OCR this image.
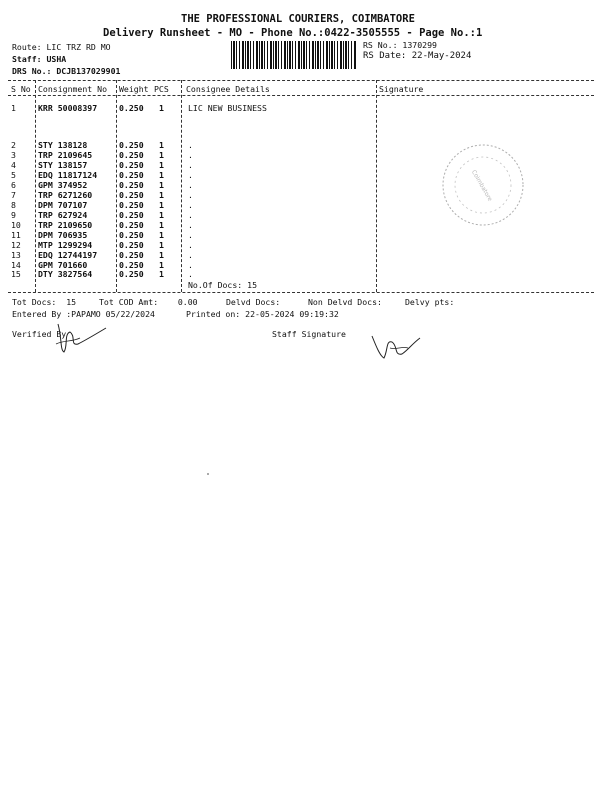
THE PROFESSIONAL COURIERS, COIMBATORE
Delivery Runsheet - MO - Phone No.:0422-3505555 - Page No.:1
Route: LIC TRZ RD MO
Staff: USHA
DRS No.: DCJB137029901
RS No.: 1370299
RS Date: 22-May-2024
S No Consignment No Weight PCS Consignee Details	Signature
1	KRR 50008397	0.250 1	LIC NEW BUSINESS
2	STY 138128	0.250 1	.
3	TRP 2109645	0.250 1	.
4	STY 138157	0.250 1	.
5	EDQ 11817124	0.250 1	.
6	GPM 374952	0.250 1	.
7	TRP 6271260	0.250 1	.
8	DPM 707107	0.250 1	.
9	TRP 627924	0.250 1	.
10 TRP 2109650	0.250 1	.
11 DPM 706935	0.250 1	.
12 MTP 1299294	0.250 1	.
13 EDQ 12744197	0.250 1	.
14 GPM 701660	0.250 1	.
15 DTY 3827564	0.250 1	.
No.Of Docs: 15
Tot Docs:  15	Tot COD Amt:    0.00	Delvd Docs:	Non Delvd Docs:	Delvy pts:
Entered By :PAPAMO 05/22/2024	Printed on: 22-05-2024 09:19:32
Verified By	Staff Signature
Coimbatore
